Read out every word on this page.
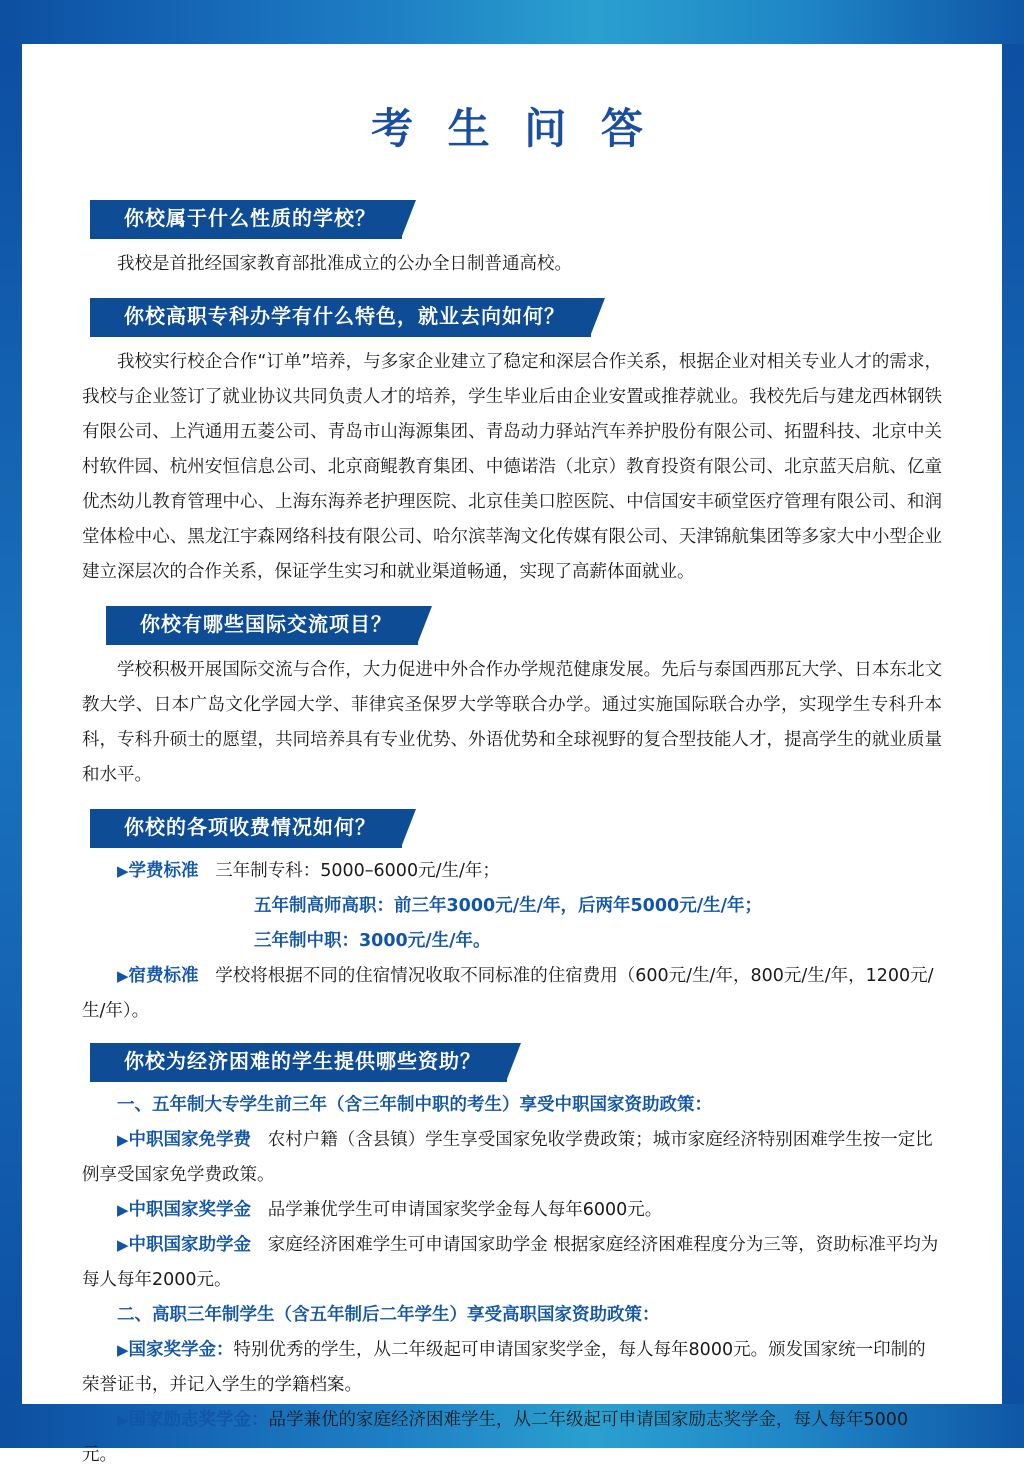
考 生 问 答
你校属于什么性质的学校？

我校是首批经国家教育部批准成立的公办全日制普通高校。

你校高职专科办学有什么特色，就业去向如何？

我校实行校企合作“订单”培养，与多家企业建立了稳定和深层合作关系，根据企业对相关专业人才的需求，我校与企业签订了就业协议共同负责人才的培养，学生毕业后由企业安置或推荐就业。我校先后与建龙西林钢铁有限公司、上汽通用五菱公司、青岛市山海源集团、青岛动力驿站汽车养护股份有限公司、拓盟科技、北京中关村软件园、杭州安恒信息公司、北京商鲲教育集团、中德诺浩（北京）教育投资有限公司、北京蓝天启航、亿童优杰幼儿教育管理中心、上海东海养老护理医院、北京佳美口腔医院、中信国安丰硕堂医疗管理有限公司、和润堂体检中心、黑龙江宇森网络科技有限公司、哈尔滨莘淘文化传媒有限公司、天津锦航集团等多家大中小型企业建立深层次的合作关系，保证学生实习和就业渠道畅通，实现了高薪体面就业。

你校有哪些国际交流项目？

学校积极开展国际交流与合作，大力促进中外合作办学规范健康发展。先后与泰国西那瓦大学、日本东北文教大学、日本广岛文化学园大学、菲律宾圣保罗大学等联合办学。通过实施国际联合办学，实现学生专科升本科，专科升硕士的愿望，共同培养具有专业优势、外语优势和全球视野的复合型技能人才，提高学生的就业质量和水平。

你校的各项收费情况如何？

▶学费标准 三年制专科：5000–6000元/生/年；

五年制高师高职：前三年3000元/生/年，后两年5000元/生/年；

三年制中职：3000元/生/年。

▶宿费标准 学校将根据不同的住宿情况收取不同标准的住宿费用（600元/生/年，800元/生/年，1200元/生/年）。

你校为经济困难的学生提供哪些资助？

一、五年制大专学生前三年（含三年制中职的考生）享受中职国家资助政策：

▶中职国家免学费 农村户籍（含县镇）学生享受国家免收学费政策；城市家庭经济特别困难学生按一定比例享受国家免学费政策。

▶中职国家奖学金 品学兼优学生可申请国家奖学金每人每年6000元。

▶中职国家助学金 家庭经济困难学生可申请国家助学金 根据家庭经济困难程度分为三等，资助标准平均为每人每年2000元。

二、高职三年制学生（含五年制后二年学生）享受高职国家资助政策：

▶国家奖学金：特别优秀的学生，从二年级起可申请国家奖学金，每人每年8000元。颁发国家统一印制的荣誉证书，并记入学生的学籍档案。

▶国家励志奖学金：品学兼优的家庭经济困难学生，从二年级起可申请国家励志奖学金，每人每年5000元。
